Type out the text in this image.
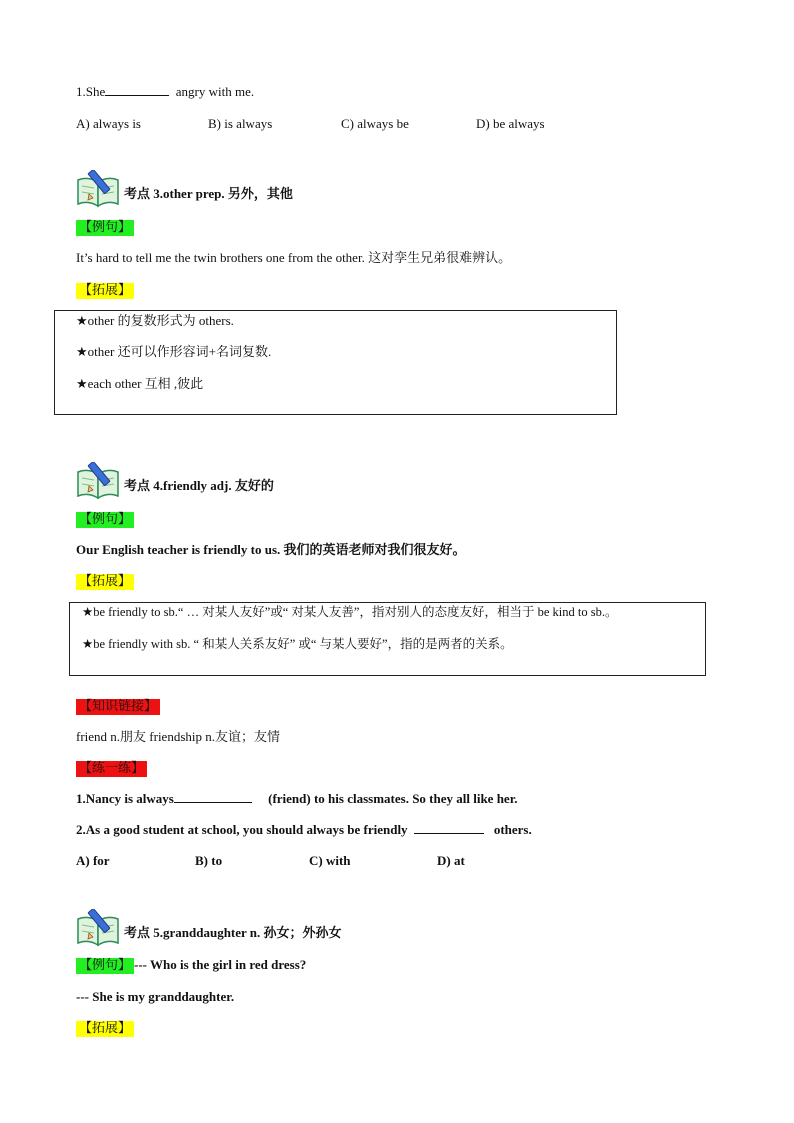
1.She	angry with me.
A) always is	B) is always	C) always be	D) be always
考点 3.other prep. 另外，其他
【例句】
It’s hard to tell me the twin brothers one from the other. 这对孪生兄弟很难辨认。
【拓展】
★other 的复数形式为 others.
★other 还可以作形容词+名词复数.
★each other 互相 ,彼此
考点 4.friendly adj. 友好的
【例句】
Our English teacher is friendly to us. 我们的英语老师对我们很友好。
【拓展】
★be friendly to sb.“ … 对某人友好”或“ 对某人友善”，指对别人的态度友好，相当于 be kind to sb.。
★be friendly with sb. “ 和某人关系友好” 或“ 与某人要好”，指的是两者的关系。
【知识链接】
friend n.朋友 friendship n.友谊；友情
【练一练】
1.Nancy is always	(friend) to his classmates. So they all like her.
2.As a good student at school, you should always be friendly	others.
A) for	B) to	C) with	D) at
考点 5.granddaughter n. 孙女；外孙女
【例句】 --- Who is the girl in red dress?
--- She is my granddaughter.
【拓展】
